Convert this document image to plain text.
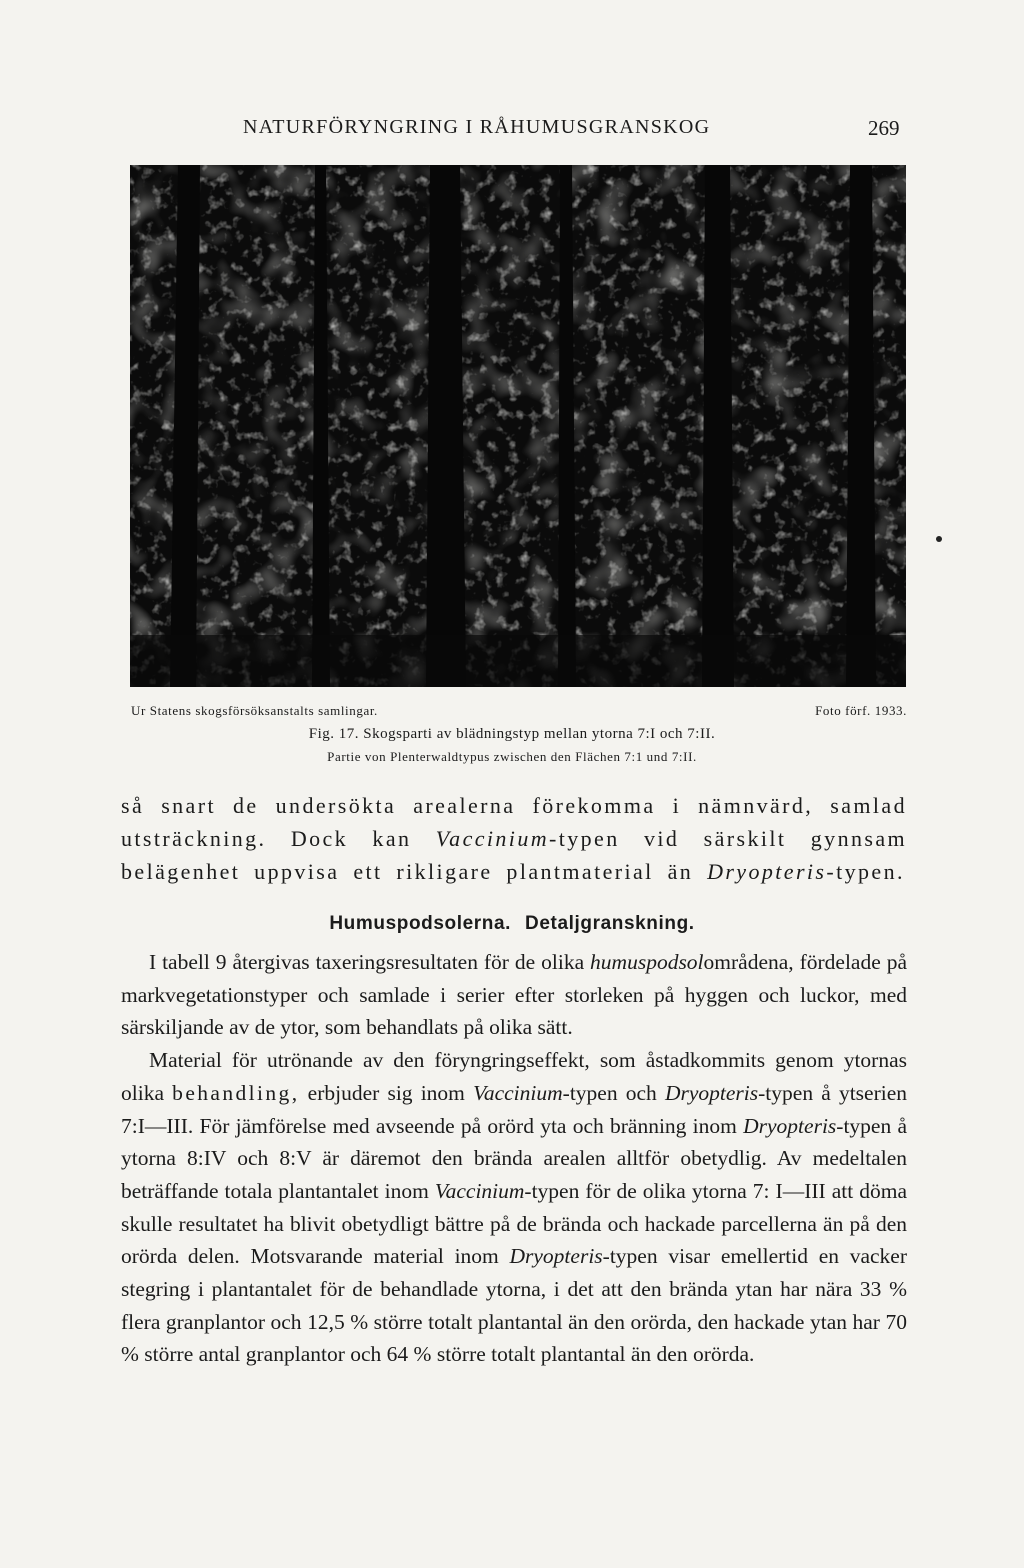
NATURFÖRYNGRING I RÅHUMUSGRANSKOG	269
Ur Statens skogsförsöksanstalts samlingar.	Foto förf. 1933.
Fig. 17. Skogsparti av blädningstyp mellan ytorna 7:I och 7:II.
Partie von Plenterwaldtypus zwischen den Flächen 7:1 und 7:II.
så snart de undersökta arealerna förekomma i nämnvärd, samlad utsträckning. Dock kan Vaccinium-typen vid särskilt gynnsam belägenhet uppvisa ett rikligare plantmaterial än Dryopteris-typen.
Humuspodsolerna. Detaljgranskning.

I tabell 9 återgivas taxeringsresultaten för de olika humuspodsolområdena, fördelade på markvegetationstyper och samlade i serier efter storleken på hyggen och luckor, med särskiljande av de ytor, som behandlats på olika sätt.

Material för utrönande av den föryngringseffekt, som åstadkommits genom ytornas olika behandling, erbjuder sig inom Vaccinium-typen och Dryopteris-typen å ytserien 7:I—III. För jämförelse med avseende på orörd yta och bränning inom Dryopteris-typen å ytorna 8:IV och 8:V är däremot den brända arealen alltför obetydlig. Av medeltalen beträffande totala plantantalet inom Vaccinium-typen för de olika ytorna 7: I—III att döma skulle resultatet ha blivit obetydligt bättre på de brända och hackade parcellerna än på den orörda delen. Motsvarande material inom Dryopteris-typen visar emellertid en vacker stegring i plantantalet för de behandlade ytorna, i det att den brända ytan har nära 33 % flera granplantor och 12,5 % större totalt plantantal än den orörda, den hackade ytan har 70 % större antal granplantor och 64 % större totalt plantantal än den orörda.
